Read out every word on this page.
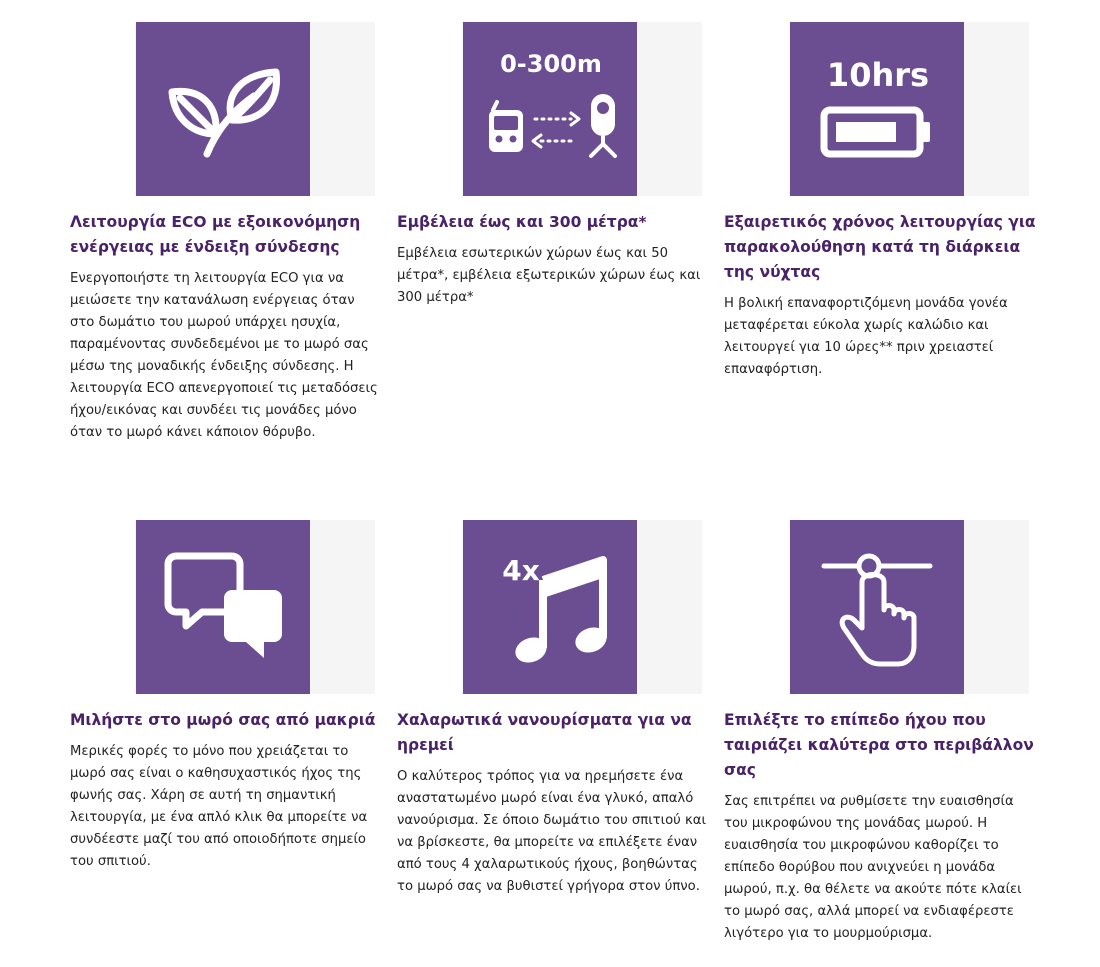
Λειτουργία ECO με εξοικονόμηση ενέργειας με ένδειξη σύνδεσης
Ενεργοποιήστε τη λειτουργία ECO για να μειώσετε την κατανάλωση ενέργειας όταν στο δωμάτιο του μωρού υπάρχει ησυχία, παραμένοντας συνδεδεμένοι με το μωρό σας μέσω της μοναδικής ένδειξης σύνδεσης. Η λειτουργία ECO απενεργοποιεί τις μεταδόσεις ήχου/εικόνας και συνδέει τις μονάδες μόνο όταν το μωρό κάνει κάποιον θόρυβο.
0-300m
Εμβέλεια έως και 300 μέτρα*
Εμβέλεια εσωτερικών χώρων έως και 50 μέτρα*, εμβέλεια εξωτερικών χώρων έως και 300 μέτρα*
10hrs
Εξαιρετικός χρόνος λειτουργίας για παρακολούθηση κατά τη διάρκεια της νύχτας
Η βολική επαναφορτιζόμενη μονάδα γονέα μεταφέρεται εύκολα χωρίς καλώδιο και λειτουργεί για 10 ώρες** πριν χρειαστεί επαναφόρτιση.
Μιλήστε στο μωρό σας από μακριά
Μερικές φορές το μόνο που χρειάζεται το μωρό σας είναι ο καθησυχαστικός ήχος της φωνής σας. Χάρη σε αυτή τη σημαντική λειτουργία, με ένα απλό κλικ θα μπορείτε να συνδέεστε μαζί του από οποιοδήποτε σημείο του σπιτιού.
4x
Χαλαρωτικά νανουρίσματα για να ηρεμεί
Ο καλύτερος τρόπος για να ηρεμήσετε ένα αναστατωμένο μωρό είναι ένα γλυκό, απαλό νανούρισμα. Σε όποιο δωμάτιο του σπιτιού και να βρίσκεστε, θα μπορείτε να επιλέξετε έναν από τους 4 χαλαρωτικούς ήχους, βοηθώντας το μωρό σας να βυθιστεί γρήγορα στον ύπνο.
Επιλέξτε το επίπεδο ήχου που ταιριάζει καλύτερα στο περιβάλλον σας
Σας επιτρέπει να ρυθμίσετε την ευαισθησία του μικροφώνου της μονάδας μωρού. Η ευαισθησία του μικροφώνου καθορίζει το επίπεδο θορύβου που ανιχνεύει η μονάδα μωρού, π.χ. θα θέλετε να ακούτε πότε κλαίει το μωρό σας, αλλά μπορεί να ενδιαφέρεστε λιγότερο για το μουρμούρισμα.
